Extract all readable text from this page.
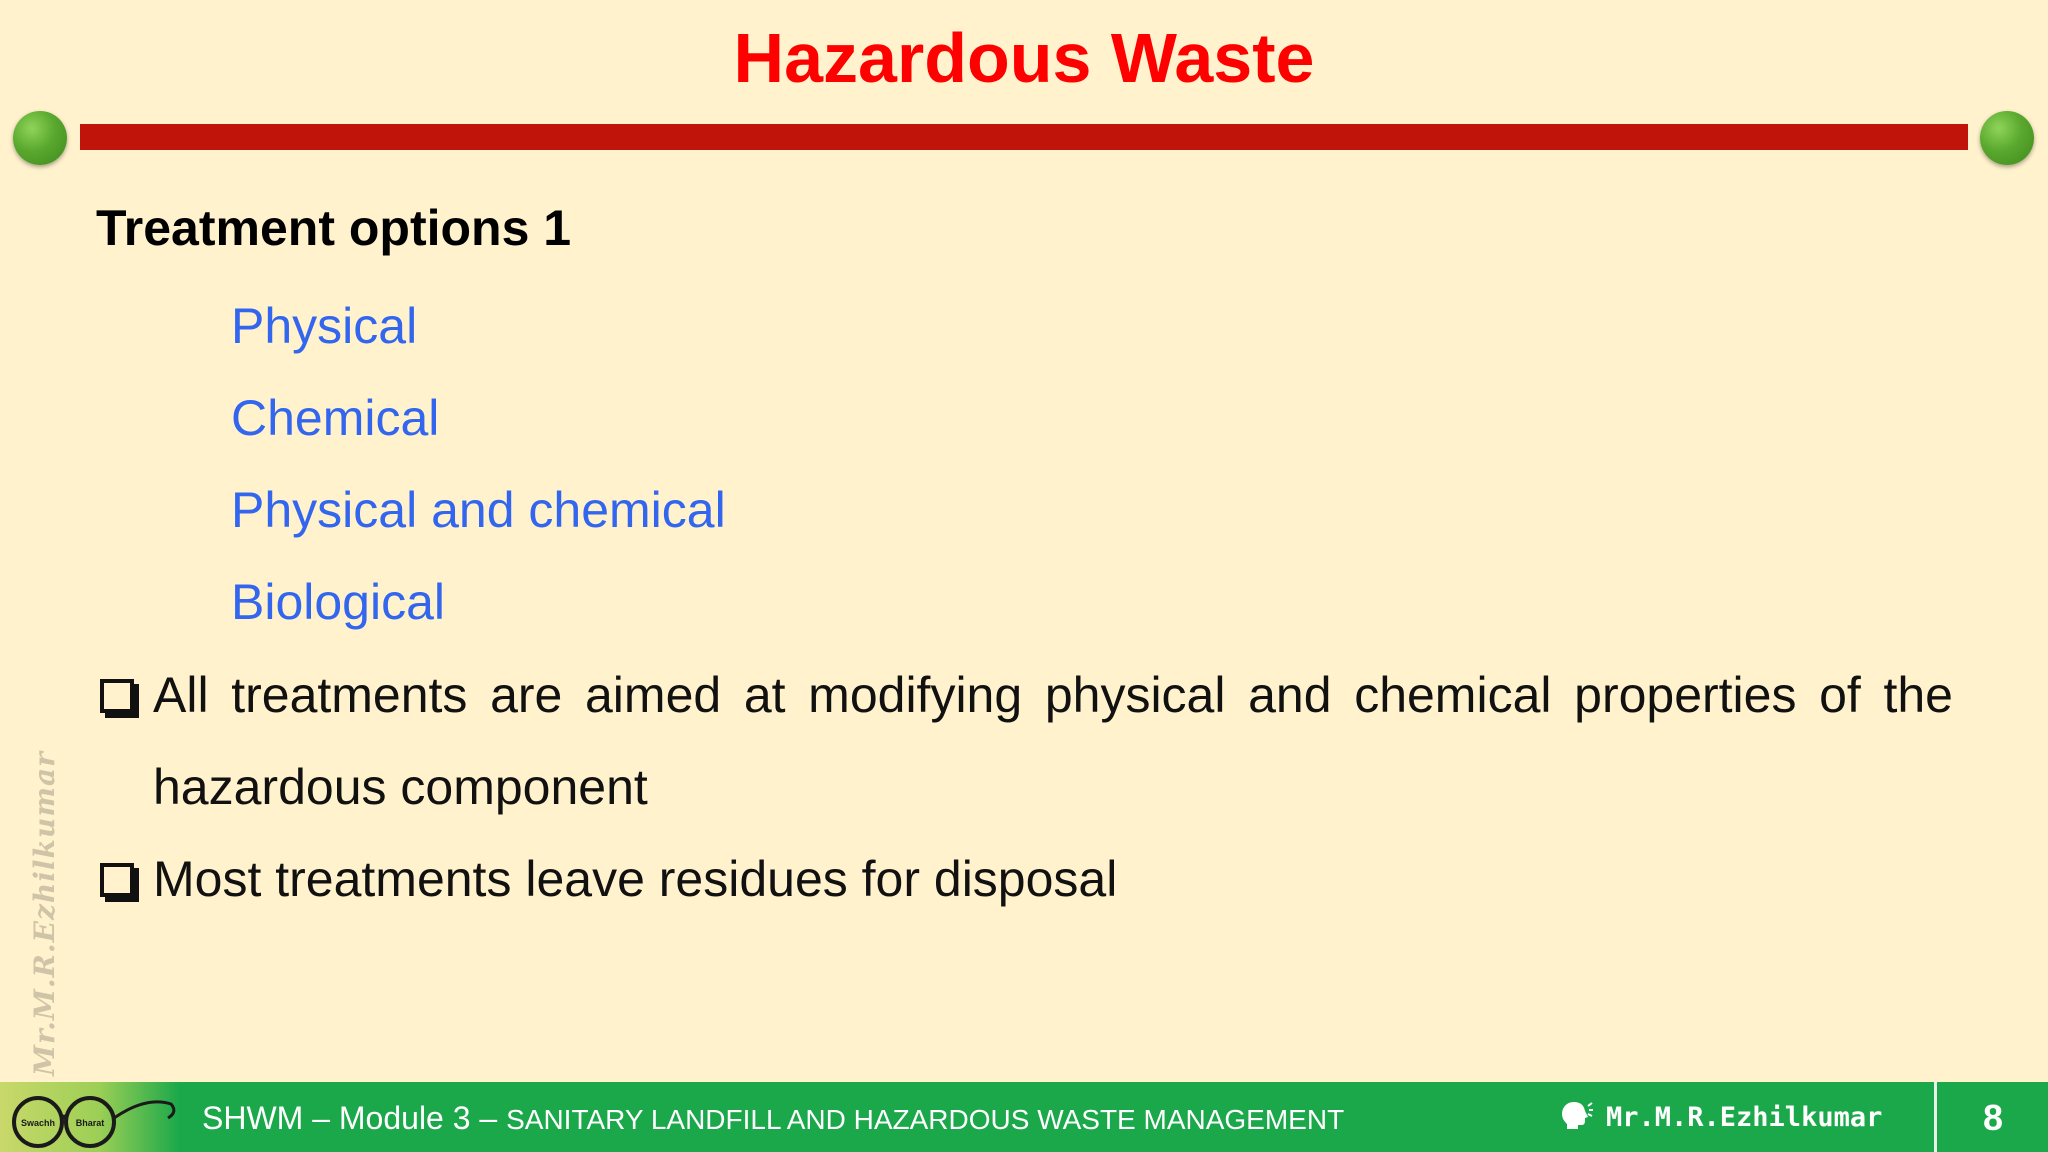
Hazardous Waste
Treatment options 1
Physical
Chemical
Physical and chemical
Biological
All treatments are aimed at modifying physical and chemical properties of the
hazardous component
Most treatments leave residues for disposal
Mr.M.R.Ezhilkumar
Swachh Bharat	SHWM – Module 3 – SANITARY LANDFILL AND HAZARDOUS WASTE MANAGEMENT	Mr.M.R.Ezhilkumar	8
